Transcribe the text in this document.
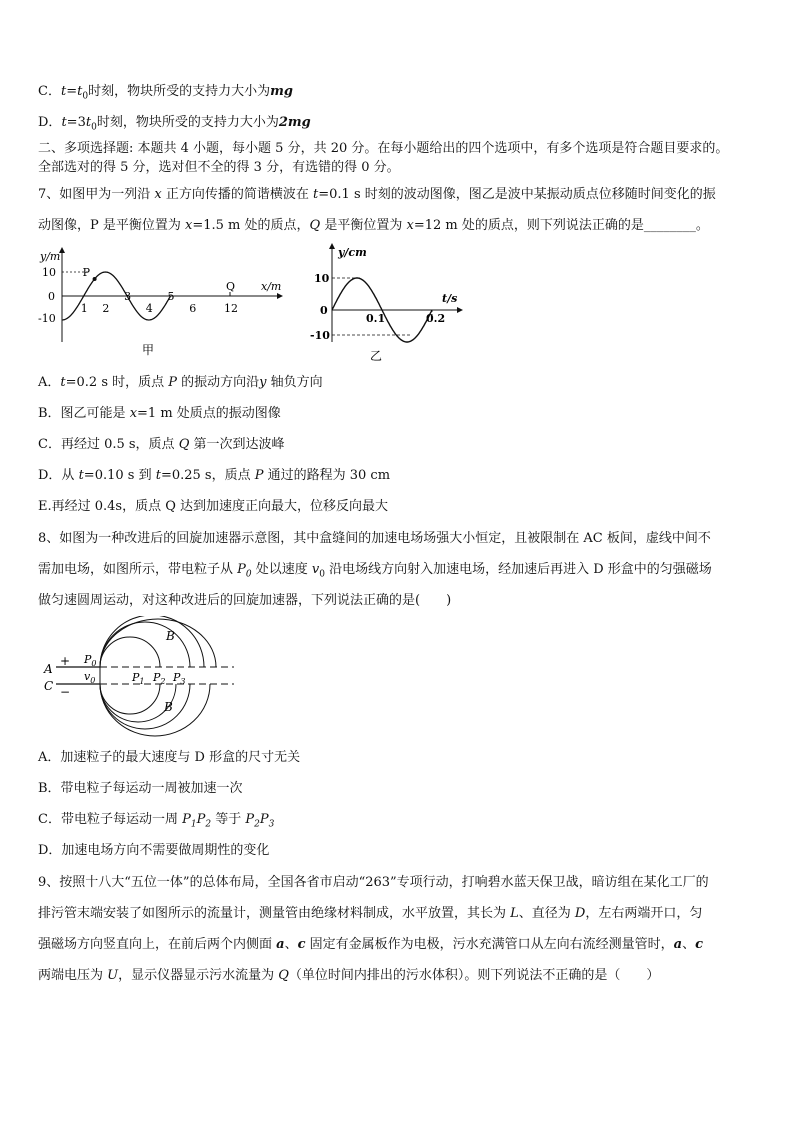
C．$t=t_0$时刻，物块所受的支持力大小为mg
D．$t=3t_0$时刻，物块所受的支持力大小为2mg
二、多项选择题: 本题共 4 小题，每小题 5 分，共 20 分。在每小题给出的四个选项中，有多个选项是符合题目要求的。
全部选对的得 5 分，选对但不全的得 3 分，有选错的得 0 分。
7、如图甲为一列沿 x 正方向传播的简谐横波在 t=0.1 s 时刻的波动图像，图乙是波中某振动质点位移随时间变化的振
动图像，P 是平衡位置为 x=1.5 m 处的质点，Q 是平衡位置为 x=12 m 处的质点，则下列说法正确的是________。
y/m
x/m
10
0
-10
1 2
3
4
5
6	12
P
Q
甲
y/cm
t/s
10
0
-10
0.1	0.2
乙
A．t=0.2 s 时，质点 P 的振动方向沿y 轴负方向
B．图乙可能是 x=1 m 处质点的振动图像
C．再经过 0.5 s，质点 Q 第一次到达波峰
D．从 t=0.10 s 到 t=0.25 s，质点 P 通过的路程为 30 cm
E.再经过 0.4s，质点 Q 达到加速度正向最大，位移反向最大
8、如图为一种改进后的回旋加速器示意图，其中盒缝间的加速电场场强大小恒定，且被限制在 AC 板间，虚线中间不
需加电场，如图所示，带电粒子从 $P_0$ 处以速度 $v_0$ 沿电场线方向射入加速电场，经加速后再进入 D 形盒中的匀强磁场
做匀速圆周运动，对这种改进后的回旋加速器，下列说法正确的是(　　)
A
C
+
−
$P_0$
$v_0$	$P_1$ $P_2$ $P_3$
B
B
A．加速粒子的最大速度与 D 形盒的尺寸无关
B．带电粒子每运动一周被加速一次
C．带电粒子每运动一周 $P_1P_2$ 等于 $P_2P_3$
D．加速电场方向不需要做周期性的变化
9、按照十八大“五位一体”的总体布局，全国各省市启动“263”专项行动，打响碧水蓝天保卫战，暗访组在某化工厂的
排污管末端安装了如图所示的流量计，测量管由绝缘材料制成，水平放置，其长为 L、直径为 D，左右两端开口，匀
强磁场方向竖直向上，在前后两个内侧面 a、c 固定有金属板作为电极，污水充满管口从左向右流经测量管时，a、c
两端电压为 U，显示仪器显示污水流量为 Q（单位时间内排出的污水体积）。则下列说法不正确的是（　　）
